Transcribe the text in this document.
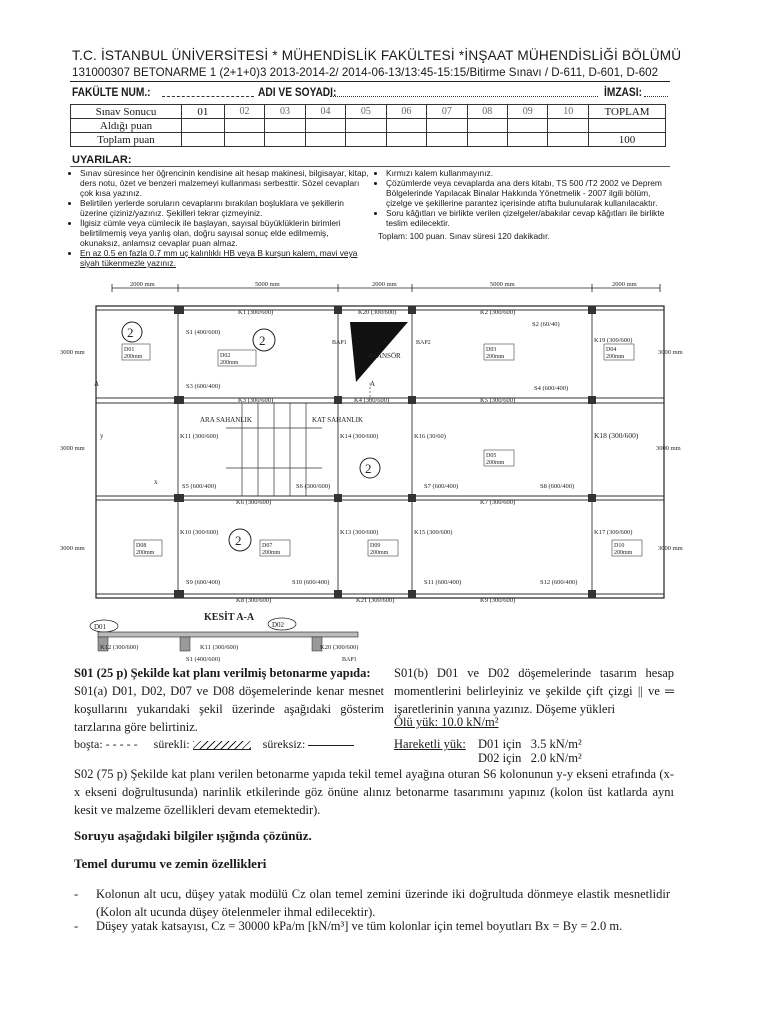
T.C. İSTANBUL ÜNİVERSİTESİ * MÜHENDİSLİK FAKÜLTESİ *İNŞAAT MÜHENDİSLİĞİ BÖLÜMÜ
131000307 BETONARME 1 (2+1+0)3 2013-2014-2/ 2014-06-13/13:45-15:15/Bitirme Sınavı / D-611, D-601, D-602
FAKÜLTE NUM.:	ADI VE SOYADI:	İMZASI:
Sınav Sonucu	01	02	03	04	05	06	07	08	09	10	TOPLAM
Aldığı puan											
Toplam puan											100
UYARILAR:
• Sınav süresince her öğrencinin kendisine ait hesap makinesi, bilgisayar, kitap, ders notu, özet ve benzeri malzemeyi kullanması serbesttir. Sözel cevapları çok kısa yazınız.
• Belirtilen yerlerde soruların cevaplarını bırakılan boşluklara ve şekillerin üzerine çiziniz/yazınız. Şekilleri tekrar çizmeyiniz.
• İlgisiz cümle veya cümlecik ile başlayan, sayısal büyüklüklerin birimleri belirtilmemiş veya yanlış olan, doğru sayısal sonuç elde edilmemiş, okunaksız, anlamsız cevaplar puan almaz.
• En az 0.5 en fazla 0.7 mm uç kalınlıklı HB veya B kurşun kalem, mavi veya siyah tükenmezle yazınız.
• Kırmızı kalem kullanmayınız.
• Çözümlerde veya cevaplarda ana ders kitabı, TS 500 /T2 2002 ve Deprem Bölgelerinde Yapılacak Binalar Hakkında Yönetmelik - 2007 ilgili bölüm, çizelge ve şekillerine parantez içerisinde atıfta bulunularak kullanılacaktır.
• Soru kâğıtları ve birlikte verilen çizelgeler/abakılar cevap kâğıtları ile birlikte teslim edilecektir.
Toplam: 100 puan. Sınav süresi 120 dakikadır.
2000 mm	5000 mm	2000 mm	5000 mm	2000 mm
K1 (300/600)	K20 (300/600)	K2 (300/600)
K3 (300/600)	K4 (300/600)	K5 (300/600)
K6 (300/600)	K7 (300/600)
K8 (300/600)	K21 (300/600)	K9 (300/600)
K11 (300/600)	K14 (300/600)	K16 (30/60)	K18 (300/600)
K19 (300/600)
K10 (300/600)	K13 (300/600)	K15 (300/600)	K17 (300/600)
S1 (400/600)
S2 (60/40)
S3 (600/400)	S4 (600/400)
S5 (600/400)	S6 (300/600)	S7 (600/400)	S8 (600/400)
S9 (600/400)	S10 (600/400)	S11 (600/400)	S12 (600/400)
D01
200mm	D02
200mm
D03
200mm
D04
200mm
D05
200mm
D07
200mm
D08
200mm
D09
200mm
D10
200mm
3000 mm
3000 mm
3000 mm
3000 mm
3000 mm
3000 mm
ASANSÖR
BAP1	BAP2
A	A
ARA SAHANLIK	KAT SAHANLIK
y
x
2
2
2
2
KESİT A-A
D01	D02
K12 (300/600)	K11 (300/600)	K20 (300/600)
S1 (400/600)	BAP1
S01 (25 p) Şekilde kat planı verilmiş betonarme yapıda:
S01(a) D01, D02, D07 ve D08 döşemelerinde kenar mesnet koşullarını yukarıdaki şekil üzerinde aşağıdaki gösterim tarzlarına göre belirtiniz.
boşta: - - - - - sürekli:	süreksiz:
S01(b) D01 ve D02 döşemelerinde tasarım hesap momentlerini belirleyiniz ve şekilde çift çizgi || ve ═ işaretlerinin yanına yazınız. Döşeme yükleri
Ölü yük: 10.0 kN/m²
Hareketli yük: D01 için   3.5 kN/m²
D02 için   2.0 kN/m²
S02 (75 p) Şekilde kat planı verilen betonarme yapıda tekil temel ayağına oturan S6 kolonunun y-y ekseni etrafında (x-x ekseni doğrultusunda) narinlik etkilerinde göz önüne alınız betonarme tasarımını yapınız (kolon üst katlarda aynı kesit ve malzeme özellikleri devam etemektedir).
Soruyu aşağıdaki bilgiler ışığında çözünüz.
Temel durumu ve zemin özellikleri
- Kolonun alt ucu, düşey yatak modülü Cz olan temel zemini üzerinde iki doğrultuda dönmeye elastik mesnetlidir (Kolon alt ucunda düşey ötelenmeler ihmal edilecektir).
- Düşey yatak katsayısı, Cz = 30000 kPa/m [kN/m³] ve tüm kolonlar için temel boyutları Bx = By = 2.0 m.
